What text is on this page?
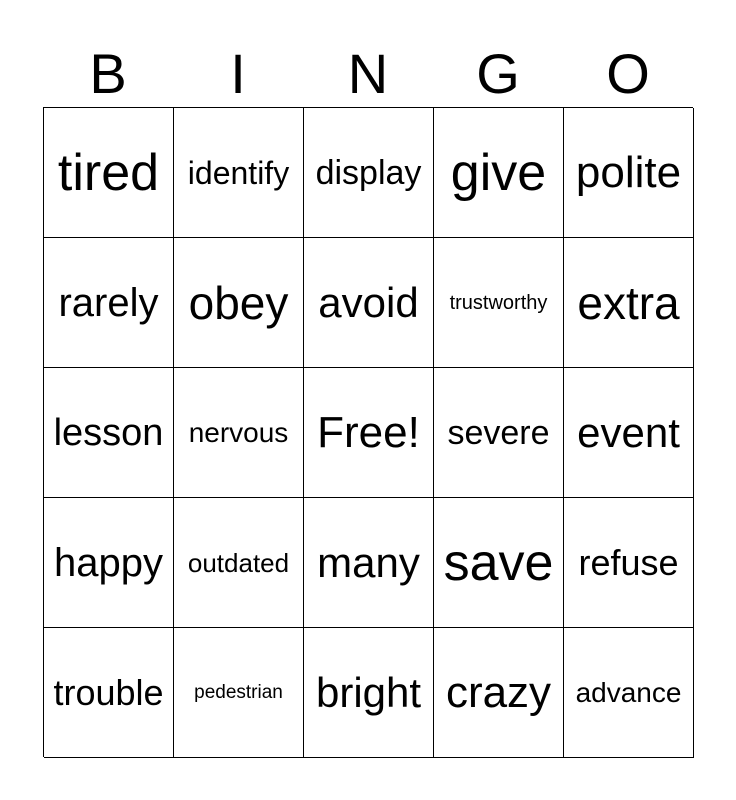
B	I	N	G	O
tired identify display give polite
rarely obey avoid trustworthy extra
lesson nervous Free! severe event
happy outdated many save refuse
trouble pedestrian bright crazy advance
